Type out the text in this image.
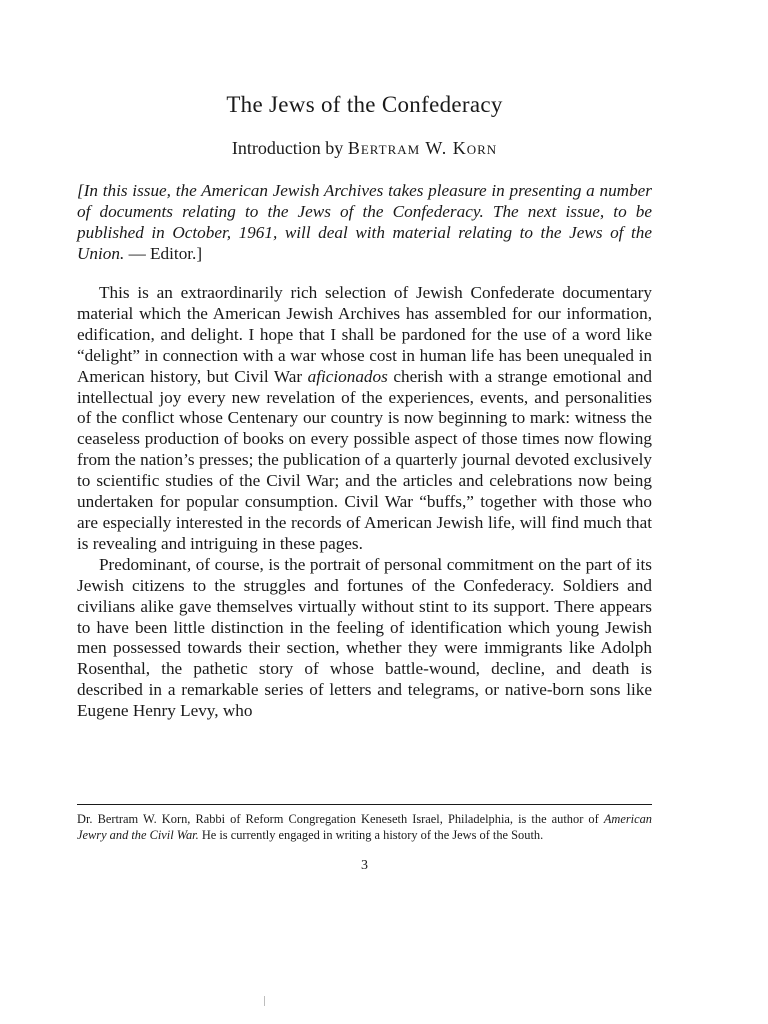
The Jews of the Confederacy

Introduction by Bertram W. Korn

[In this issue, the American Jewish Archives takes pleasure in presenting a number of documents relating to the Jews of the Confederacy. The next issue, to be published in October, 1961, will deal with material relating to the Jews of the Union. — Editor.]

This is an extraordinarily rich selection of Jewish Confederate documentary material which the American Jewish Archives has assembled for our information, edification, and delight. I hope that I shall be pardoned for the use of a word like “delight” in connection with a war whose cost in human life has been unequaled in American history, but Civil War aficionados cherish with a strange emotional and intellectual joy every new revelation of the experiences, events, and personalities of the conflict whose Centenary our country is now beginning to mark: witness the ceaseless production of books on every possible aspect of those times now flowing from the nation’s presses; the publication of a quarterly journal devoted exclusively to scientific studies of the Civil War; and the articles and celebrations now being undertaken for popular consumption. Civil War “buffs,” together with those who are especially interested in the records of American Jewish life, will find much that is revealing and intriguing in these pages.

Predominant, of course, is the portrait of personal commitment on the part of its Jewish citizens to the struggles and fortunes of the Confederacy. Soldiers and civilians alike gave themselves virtually without stint to its support. There appears to have been little distinction in the feeling of identification which young Jewish men possessed towards their section, whether they were immigrants like Adolph Rosenthal, the pathetic story of whose battle-wound, decline, and death is described in a remarkable series of letters and telegrams, or native-born sons like Eugene Henry Levy, who

Dr. Bertram W. Korn, Rabbi of Reform Congregation Keneseth Israel, Philadelphia, is the author of American Jewry and the Civil War. He is currently engaged in writing a history of the Jews of the South.

3
